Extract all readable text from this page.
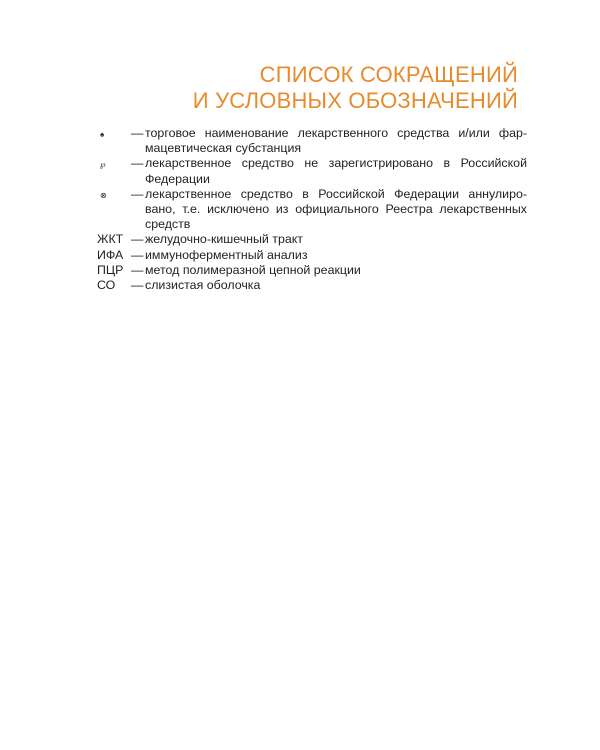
СПИСОК СОКРАЩЕНИЙ
И УСЛОВНЫХ ОБОЗНАЧЕНИЙ
♠	— торговое наименование лекарственного средства и/или фар-
мацевтическая субстанция
℘	— лекарственное средство не зарегистрировано в Российской
Федерации
⊗	— лекарственное средство в Российской Федерации аннулиро-
вано, т.е. исключено из официального Реестра лекарственных
средств
ЖКТ — желудочно-кишечный тракт
ИФА — иммуноферментный анализ
ПЦР — метод полимеразной цепной реакции
СО	— слизистая оболочка
